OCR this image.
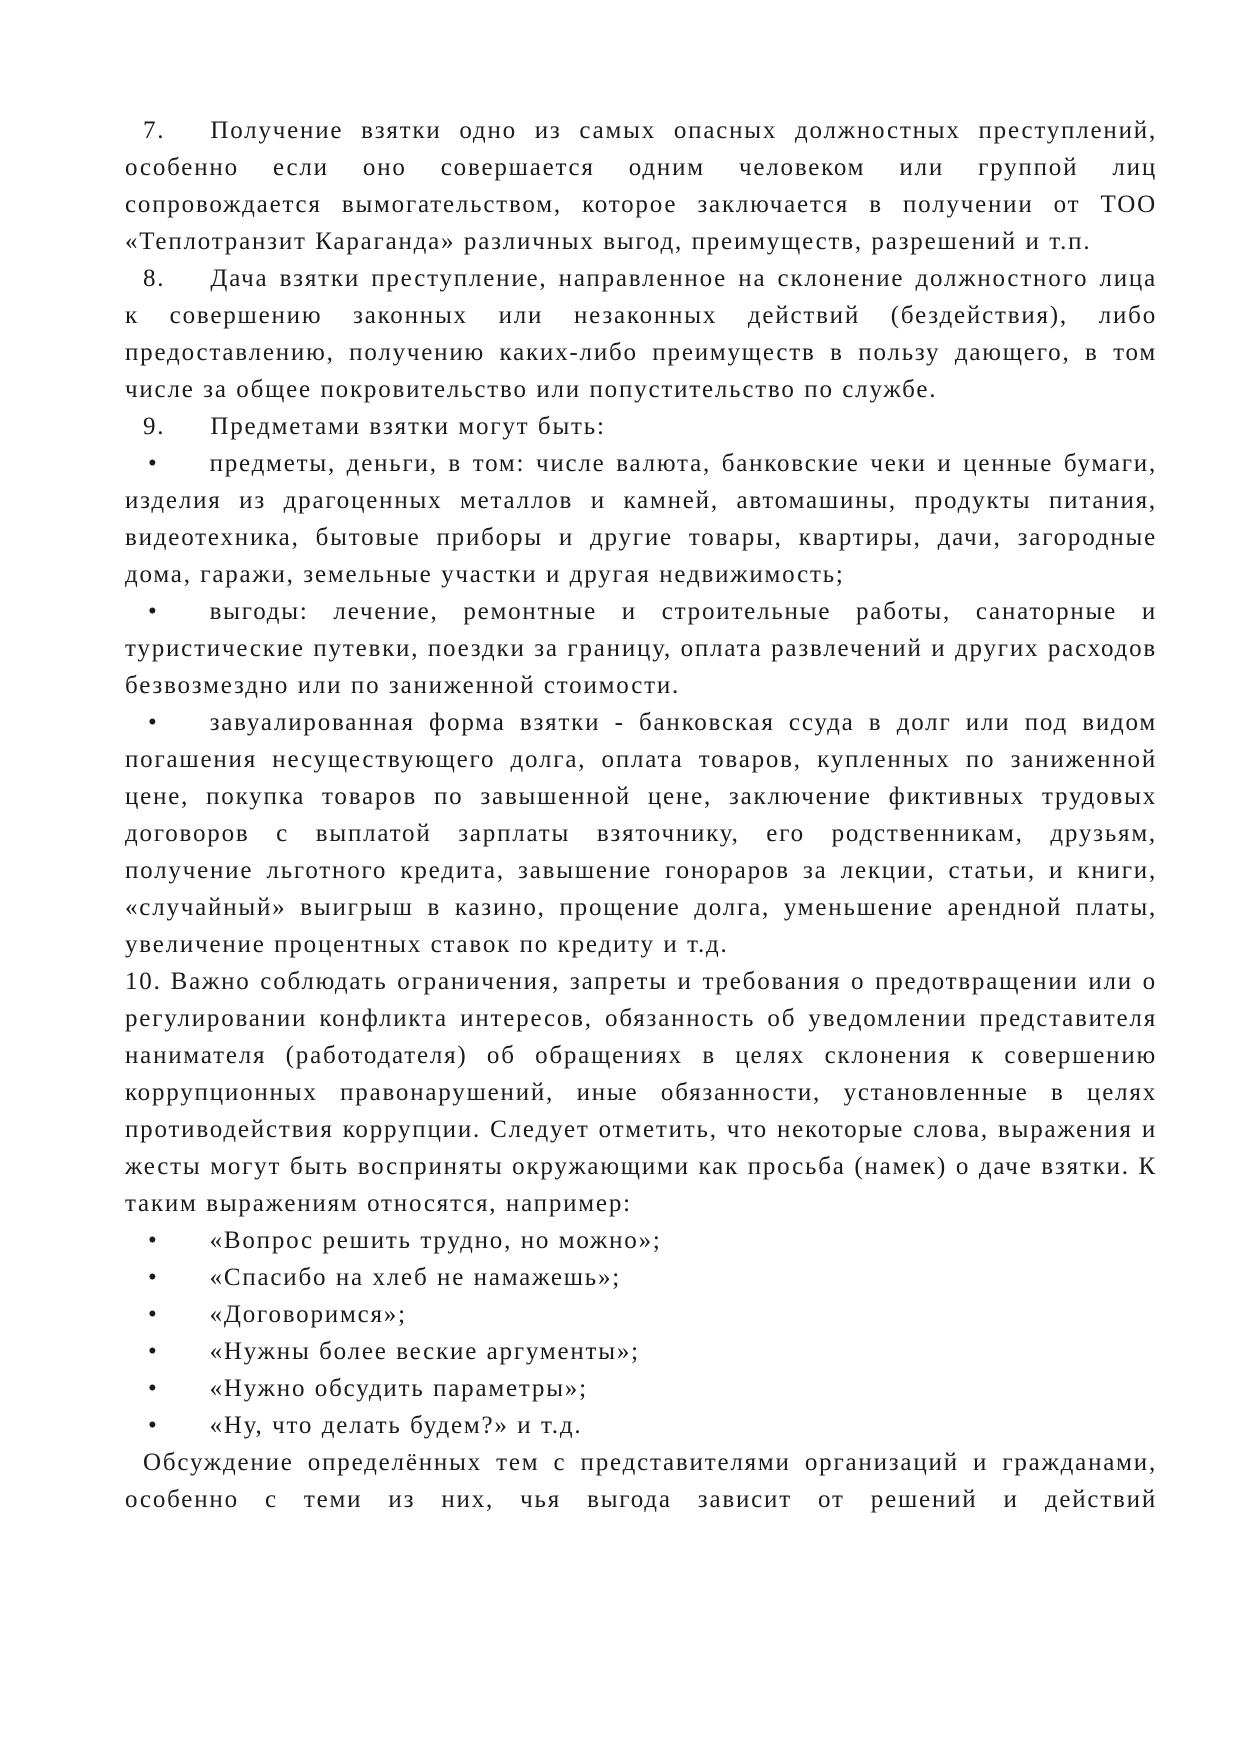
7. Получение взятки одно из самых опасных должностных преступлений, особенно если оно совершается одним человеком или группой лиц сопровождается вымогательством, которое заключается в получении от ТОО «Теплотранзит Караганда» различных выгод, преимуществ, разрешений и т.п.

8. Дача взятки преступление, направленное на склонение должностного лица к совершению законных или незаконных действий (бездействия), либо предоставлению, получению каких-либо преимуществ в пользу дающего, в том числе за общее покровительство или попустительство по службе.

9. Предметами взятки могут быть:

• предметы, деньги, в том: числе валюта, банковские чеки и ценные бумаги, изделия из драгоценных металлов и камней, автомашины, продукты питания, видеотехника, бытовые приборы и другие товары, квартиры, дачи, загородные дома, гаражи, земельные участки и другая недвижимость;

• выгоды: лечение, ремонтные и строительные работы, санаторные и туристические путевки, поездки за границу, оплата развлечений и других расходов безвозмездно или по заниженной стоимости.

• завуалированная форма взятки - банковская ссуда в долг или под видом погашения несуществующего долга, оплата товаров, купленных по заниженной цене, покупка товаров по завышенной цене, заключение фиктивных трудовых договоров с выплатой зарплаты взяточнику, его родственникам, друзьям, получение льготного кредита, завышение гонораров за лекции, статьи, и книги, «случайный» выигрыш в казино, прощение долга, уменьшение арендной платы, увеличение процентных ставок по кредиту и т.д.

10. Важно соблюдать ограничения, запреты и требования о предотвращении или о регулировании конфликта интересов, обязанность об уведомлении представителя нанимателя (работодателя) об обращениях в целях склонения к совершению коррупционных правонарушений, иные обязанности, установленные в целях противодействия коррупции. Следует отметить, что некоторые слова, выражения и жесты могут быть восприняты окружающими как просьба (намек) о даче взятки. К таким выражениям относятся, например:

• «Вопрос решить трудно, но можно»;

• «Спасибо на хлеб не намажешь»;

• «Договоримся»;

• «Нужны более веские аргументы»;

• «Нужно обсудить параметры»;

• «Ну, что делать будем?» и т.д.

Обсуждение определённых тем с представителями организаций и гражданами, особенно с теми из них, чья выгода зависит от решений и действий
